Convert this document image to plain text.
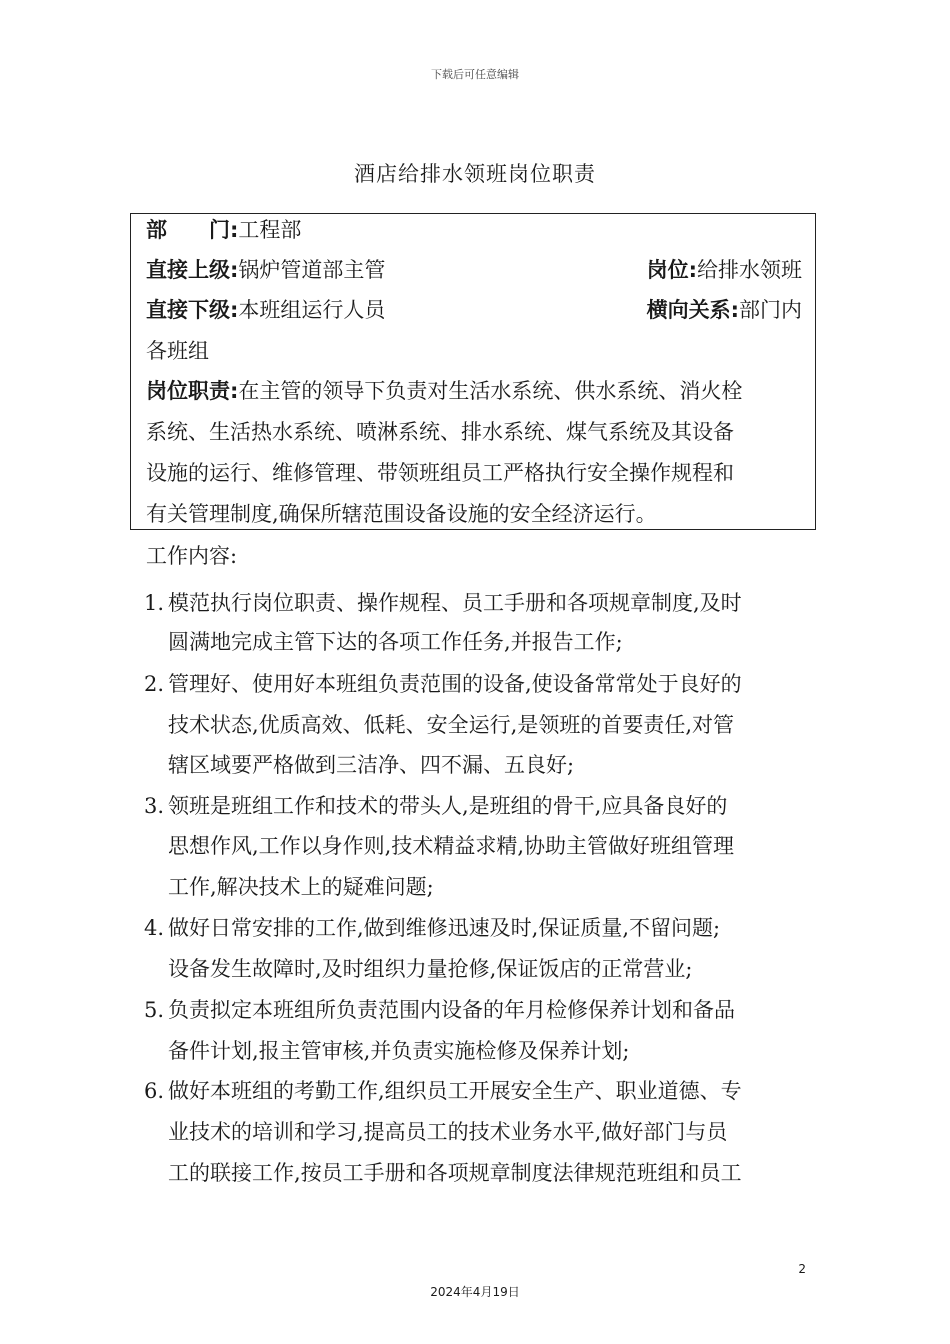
下载后可任意编辑
酒店给排水领班岗位职责
部　　门:工程部
直接上级:锅炉管道部主管	岗位:给排水领班
直接下级:本班组运行人员	横向关系:部门内
各班组
岗位职责:在主管的领导下负责对生活水系统、供水系统、消火栓
系统、生活热水系统、喷淋系统、排水系统、煤气系统及其设备
设施的运行、维修管理、带领班组员工严格执行安全操作规程和
有关管理制度,确保所辖范围设备设施的安全经济运行。
工作内容:
1. 模范执行岗位职责、操作规程、员工手册和各项规章制度,及时
圆满地完成主管下达的各项工作任务,并报告工作;
2. 管理好、使用好本班组负责范围的设备,使设备常常处于良好的
技术状态,优质高效、低耗、安全运行,是领班的首要责任,对管
辖区域要严格做到三洁净、四不漏、五良好;
3. 领班是班组工作和技术的带头人,是班组的骨干,应具备良好的
思想作风,工作以身作则,技术精益求精,协助主管做好班组管理
工作,解决技术上的疑难问题;
4. 做好日常安排的工作,做到维修迅速及时,保证质量,不留问题;
设备发生故障时,及时组织力量抢修,保证饭店的正常营业;
5. 负责拟定本班组所负责范围内设备的年月检修保养计划和备品
备件计划,报主管审核,并负责实施检修及保养计划;
6. 做好本班组的考勤工作,组织员工开展安全生产、职业道德、专
业技术的培训和学习,提高员工的技术业务水平,做好部门与员
工的联接工作,按员工手册和各项规章制度法律规范班组和员工
2
2024年4月19日
